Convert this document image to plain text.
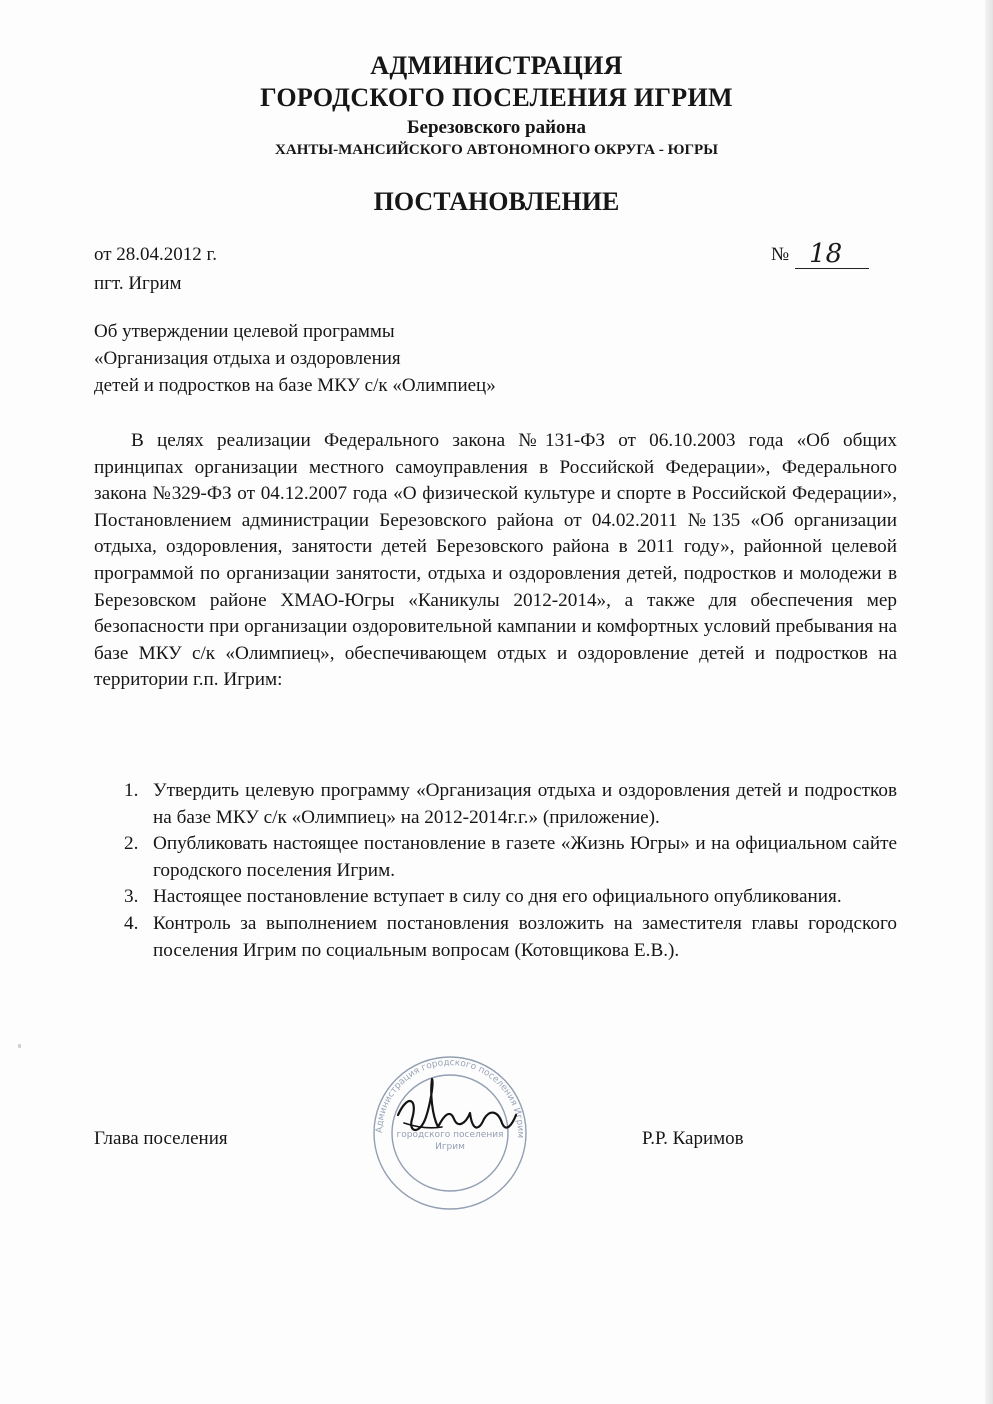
АДМИНИСТРАЦИЯ
ГОРОДСКОГО ПОСЕЛЕНИЯ ИГРИМ
Березовского района
ХАНТЫ-МАНСИЙСКОГО АВТОНОМНОГО ОКРУГА - ЮГРЫ
ПОСТАНОВЛЕНИЕ
от 28.04.2012 г.
пгт. Игрим
№ 18
Об утверждении целевой программы
«Организация отдыха и оздоровления
детей и подростков на базе МКУ с/к «Олимпиец»

В целях реализации Федерального закона №131-ФЗ от 06.10.2003 года «Об общих принципах организации местного самоуправления в Российской Федерации», Федерального закона №329-ФЗ от 04.12.2007 года «О физической культуре и спорте в Российской Федерации», Постановлением администрации Березовского района от 04.02.2011 №135 «Об организации отдыха, оздоровления, занятости детей Березовского района в 2011 году», районной целевой программой по организации занятости, отдыха и оздоровления детей, подростков и молодежи в Березовском районе ХМАО-Югры «Каникулы 2012-2014», а также для обеспечения мер безопасности при организации оздоровительной кампании и комфортных условий пребывания на базе МКУ с/к «Олимпиец», обеспечивающем отдых и оздоровление детей и подростков на территории г.п. Игрим:

1. Утвердить целевую программу «Организация отдыха и оздоровления детей и подростков на базе МКУ с/к «Олимпиец» на 2012-2014г.г.» (приложение).
2. Опубликовать настоящее постановление в газете «Жизнь Югры» и на официальном сайте городского поселения Игрим.
3. Настоящее постановление вступает в силу со дня его официального опубликования.
4. Контроль за выполнением постановления возложить на заместителя главы городского поселения Игрим по социальным вопросам (Котовщикова Е.В.).
Глава поселения	Р.Р. Каримов
Администрация городского поселения Игрим
городского поселения
Игрим
